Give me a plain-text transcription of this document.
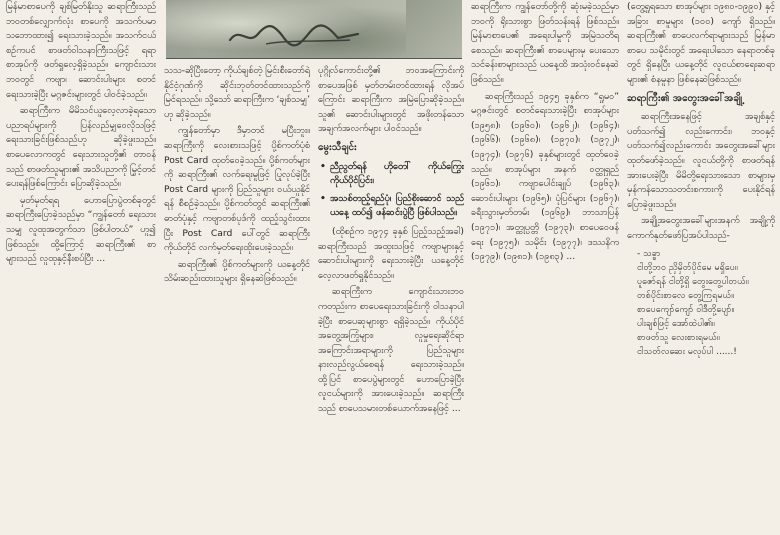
မြန်မာစာပေကို ချစ်မြတ်နိုးသူ ဆရာကြီးသည် ဘဝတစ်လျှောက်လုံး စာပေကို အသက်ပမာ သဘောထား၍ ရေးသားခဲ့သည်။ အသက်ငယ်စဉ်ကပင် စာဖတ်ဝါသနာကြီးသဖြင့် ရရာစာအုပ်ကို ဖတ်ရှုလေ့ရှိခဲ့သည်။ ကျောင်းသားဘဝတွင် ကဗျာ၊ ဆောင်းပါးများ စတင်ရေးသားခဲ့ပြီး မဂ္ဂဇင်းများတွင် ပါဝင်ခဲ့သည်။

ဆရာကြီးက မိမိသင်ယူလေ့လာခဲ့ရသော ပညာရပ်များကို ပြန်လည်မျှဝေလိုသဖြင့် ရေးသားခြင်းဖြစ်သည်ဟု ဆိုခဲ့ဖူးသည်။ စာပေလောကတွင် ရေးသားသူတို့၏ တာဝန်သည် စာဖတ်သူများ၏ အသိပညာကို မြှင့်တင်ပေးရန်ဖြစ်ကြောင်း ပြောဆိုခဲ့သည်။

မှတ်မှတ်ရရ ဟောပြောပွဲတစ်ခုတွင် ဆရာကြီးပြောခဲ့သည်မှာ “ကျွန်တော် ရေးသားသမျှ လူထုအတွက်သာ ဖြစ်ပါတယ်” ဟူ၍ ဖြစ်သည်။ ထို့ကြောင့် ဆရာကြီး၏ စာများသည် လူထုနှင့်နီးစပ်ပြီး ...

သသ-ဆိုပြီးတော့ ကိုယ်ချစ်တဲ့ မြင်းစီးတော်ရဲ့ နိုင်ငံ့ဂုဏ်ကို ဆိုင်းဘုတ်တင်ထားသည်ကို မြင်ရသည်။ သို့သော် ဆရာကြီးက ‘ချစ်သမျှ’ ဟု ဆိုခဲ့သည်။

ကျွန်တော်မှာ ဒီမှာတင် မပြီးဘူး။ ဆရာကြီးကို လေးစားသဖြင့် ပို့စ်ကတ်ပုံစံ Post Card ထုတ်ဝေခဲ့သည်။ ပို့စ်ကတ်များကို ဆရာကြီး၏ လက်ရေးမူဖြင့် ပြုလုပ်ခဲ့ပြီး Post Card များကို ပြည်သူများ ဝယ်ယူနိုင်ရန် စီစဉ်ခဲ့သည်။ ပို့စ်ကတ်တွင် ဆရာကြီး၏ ဓာတ်ပုံနှင့် ကဗျာတစ်ပုဒ်ကို ထည့်သွင်းထားပြီး Post Card ပေါ်တွင် ဆရာကြီးကိုယ်တိုင် လက်မှတ်ရေးထိုးပေးခဲ့သည်။

ဆရာကြီး၏ ပို့စ်ကတ်များကို ယနေ့တိုင် သိမ်းဆည်းထားသူများ ရှိနေဆဲဖြစ်သည်။

ပုဂ္ဂိုလ်ကောင်းတို့၏ ဘဝအကြောင်းကို စာပေအဖြစ် မှတ်တမ်းတင်ထားရန် လိုအပ်ကြောင်း ဆရာကြီးက အမြဲပြောဆိုခဲ့သည်။ သူ၏ ဆောင်းပါးများတွင် အဖိုးတန်သော အချက်အလက်များ ပါဝင်သည်။

မွေးသီချင်း
• ညီညွတ်ရန် ဟိုတေါ် ကိုယ်ကြွေး ကိုယ်ပိုင်ပြင်း၊
• အသစ်တည့်ရည်ပုံ၊ ပြည်စိုးဆောင် သည် ယနေ့ ထပ်၍ ဖန်ဆင်းပွဲပြီ ဖြစ်ပါသည်။

(ထိုစဉ်က ၁၉၇၄ ခုနှစ် ပြည့်သည့်အခါ) ဆရာကြီးသည် အထူးသဖြင့် ကဗျာများနှင့် ဆောင်းပါးများကို ရေးသားခဲ့ပြီး ယနေ့တိုင် လေ့လာဖတ်ရှုနိုင်သည်။

ဆရာကြီးက ကျောင်းသားဘဝကတည်းက စာပေရေးသားခြင်းကို ဝါသနာပါခဲ့ပြီး စာပေဆုများစွာ ရရှိခဲ့သည်။ ကိုယ်ပိုင်အတွေ့အကြုံများ၊ လူမှုရေးဆိုင်ရာ အကြောင်းအရာများကို ပြည်သူများ နားလည်လွယ်စေရန် ရေးသားခဲ့သည်။ ထို့ပြင် စာပေပွဲများတွင် ဟောပြောခဲ့ပြီး လူငယ်များကို အားပေးခဲ့သည်။ ဆရာကြီးသည် စာပေသမားတစ်ယောက်အနေဖြင့် ...

ဆရာကြီးက ကျွန်တော်တို့ကို ဆုံးမခဲ့သည်မှာ ဘဝကို ရိုးသားစွာ ဖြတ်သန်းရန် ဖြစ်သည်။ မြန်မာစာပေ၏ အရေးပါမှုကို အမြဲသတိရစေသည်။ ဆရာကြီး၏ စာပေများမှ ပေးသော သင်ခန်းစာများသည် ယနေ့ထိ အသုံးဝင်နေဆဲဖြစ်သည်။

ဆရာကြီးသည် ၁၉၄၅ ခုနှစ်က “ရှုမဝ” မဂ္ဂဇင်းတွင် စတင်ရေးသားခဲ့ပြီး စာအုပ်များ (၁၉၅၈)၊ (၁၉၆၀)၊ (၁၉၆၂)၊ (၁၉၆၄)၊ (၁၉၆၆)၊ (၁၉၆၈)၊ (၁၉၇၀)၊ (၁၉၇၂)၊ (၁၉၇၄)၊ (၁၉၇၆) ခုနှစ်များတွင် ထုတ်ဝေခဲ့သည်။ စာအုပ်များ အနက် ဝတ္ထုရှည် (၁၉၆၁)၊ ကဗျာပေါင်းချုပ် (၁၉၆၃)၊ ဆောင်းပါးများ (၁၉၆၅)၊ ပုံပြင်များ (၁၉၆၇)၊ ခရီးသွားမှတ်တမ်း (၁၉၆၉)၊ ဘာသာပြန် (၁၉၇၁)၊ အတ္ထုပ္ပတ္တိ (၁၉၇၃)၊ စာပေဝေဖန်ရေး (၁၉၇၅)၊ သမိုင်း (၁၉၇၇)၊ ဒဿနိက (၁၉၇၉)၊ (၁၉၈၁)၊ (၁၉၈၃) ...

(တွေ့ရှုရသော စာအုပ်များ ၁၉၈၀-၁၉၉၀) နှင့် အခြား စာမူများ (၁၀၀) ကျော် ရှိသည်။ ဆရာကြီး၏ စာပေလက်ရာများသည် မြန်မာစာပေ သမိုင်းတွင် အရေးပါသော နေရာတစ်ခုတွင် ရှိနေပြီး ယနေ့တိုင် လူငယ်စာရေးဆရာများ၏ စံနမူနာ ဖြစ်နေဆဲဖြစ်သည်။

ဆရာကြီး၏ အတွေးအခေါ်အချို့

ဆရာကြီးအနေဖြင့် အချစ်နှင့် ပတ်သက်၍ လည်းကောင်း၊ ဘဝနှင့် ပတ်သက်၍လည်းကောင်း အတွေးအခေါ်များ ထုတ်ဖော်ခဲ့သည်။ လူငယ်တို့ကို စာဖတ်ရန် အားပေးခဲ့ပြီး မိမိတို့ရေးသားသော စာများမှ မှန်ကန်သောသတင်းစကားကို ပေးနိုင်ရန် ပြောခဲ့ဖူးသည်။

အချို့အတွေးအခေါ်များအနက် အချို့ကို ကောက်နုတ်ဖော်ပြအပ်ပါသည်-

- သခ္ခာ
ငါတို့ဘဝ ညှိမှိတ်ပိုင်မေ မရှိပေ။
ပူဇော်ရန် ငါတို့ရှိ တွေးတွေ့ပါတယ်။
တစ်ပိုင်းစာလေ တွေ့ကြရမယ်။
စာပေကျော်ကျော် ဝါဒီတို့ပျော်။
ပါးချစ်ဖြင့် အော်ထဲပါ၏။
စာဖတ်သူ လေးစားရမယ်။
ငါသတ်လဆေး မလုပ်ပါ ......!
